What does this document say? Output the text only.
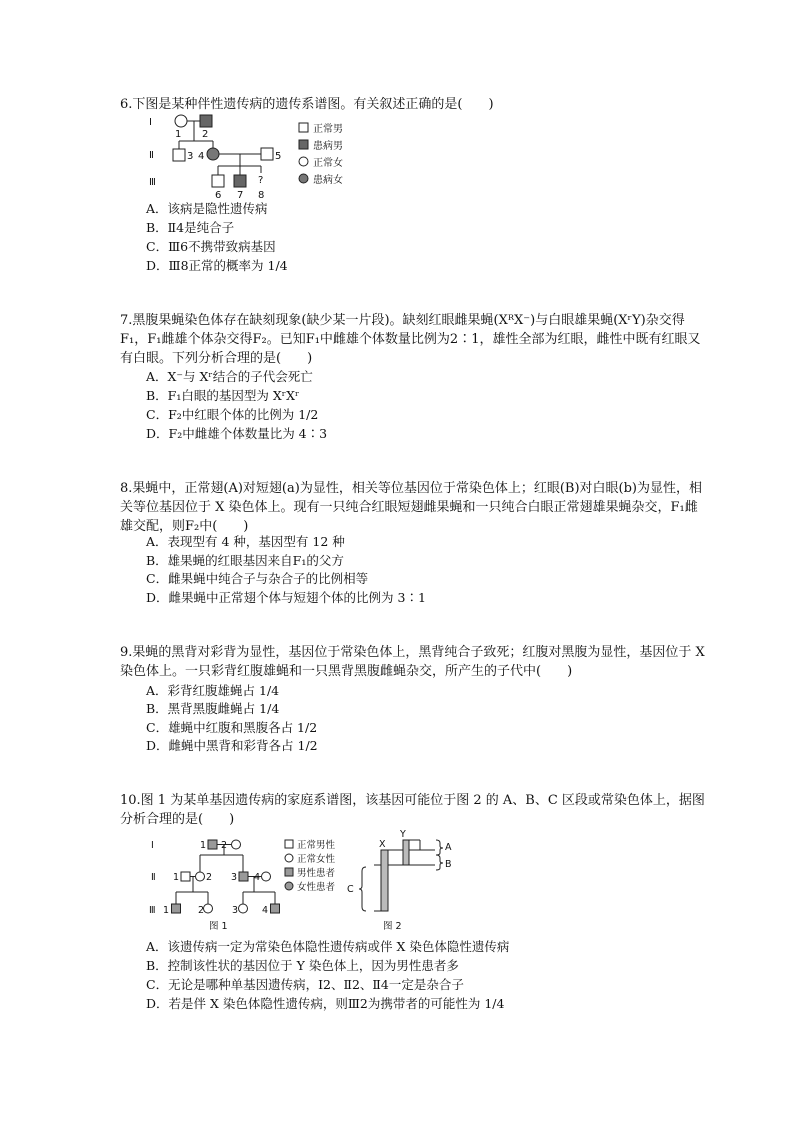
6.下图是某种伴性遗传病的遗传系谱图。有关叙述正确的是(　　)

Ⅰ
Ⅱ
Ⅲ
1 2
3 4	5
6 7 8
?
正常男
患病男
正常女
患病女
A．该病是隐性遗传病
B．Ⅱ4是纯合子
C．Ⅲ6不携带致病基因
D．Ⅲ8正常的概率为 1/4

7.黑腹果蝇染色体存在缺刻现象(缺少某一片段)。缺刻红眼雌果蝇(XᴿX⁻)与白眼雄果蝇(XʳY)杂交得F₁，F₁雌雄个体杂交得F₂。已知F₁中雌雄个体数量比例为2∶1，雄性全部为红眼，雌性中既有红眼又有白眼。下列分析合理的是(　　)

A．X⁻与 Xʳ结合的子代会死亡
B．F₁白眼的基因型为 XʳXʳ
C．F₂中红眼个体的比例为 1/2
D．F₂中雌雄个体数量比为 4∶3

8.果蝇中，正常翅(A)对短翅(a)为显性，相关等位基因位于常染色体上；红眼(B)对白眼(b)为显性，相关等位基因位于 X 染色体上。现有一只纯合红眼短翅雌果蝇和一只纯合白眼正常翅雄果蝇杂交，F₁雌雄交配，则F₂中(　　)

A．表现型有 4 种，基因型有 12 种
B．雄果蝇的红眼基因来自F₁的父方
C．雌果蝇中纯合子与杂合子的比例相等
D．雌果蝇中正常翅个体与短翅个体的比例为 3∶1

9.果蝇的黑背对彩背为显性，基因位于常染色体上，黑背纯合子致死；红腹对黑腹为显性，基因位于 X 染色体上。一只彩背红腹雄蝇和一只黑背黑腹雌蝇杂交，所产生的子代中(　　)

A．彩背红腹雄蝇占 1/4
B．黑背黑腹雌蝇占 1/4
C．雄蝇中红腹和黑腹各占 1/2
D．雌蝇中黑背和彩背各占 1/2

10.图 1 为某单基因遗传病的家庭系谱图，该基因可能位于图 2 的 A、B、C 区段或常染色体上，据图分析合理的是(　　)

Ⅰ
Ⅱ
Ⅲ
1 2
1	2 3 4
1	2	3	4
正常男性
正常女性
男性患者
女性患者
图 1	图 2
X
Y
A
B
C
A．该遗传病一定为常染色体隐性遗传病或伴 X 染色体隐性遗传病
B．控制该性状的基因位于 Y 染色体上，因为男性患者多
C．无论是哪种单基因遗传病，Ⅰ2、Ⅱ2、Ⅱ4一定是杂合子
D．若是伴 X 染色体隐性遗传病，则Ⅲ2为携带者的可能性为 1/4
